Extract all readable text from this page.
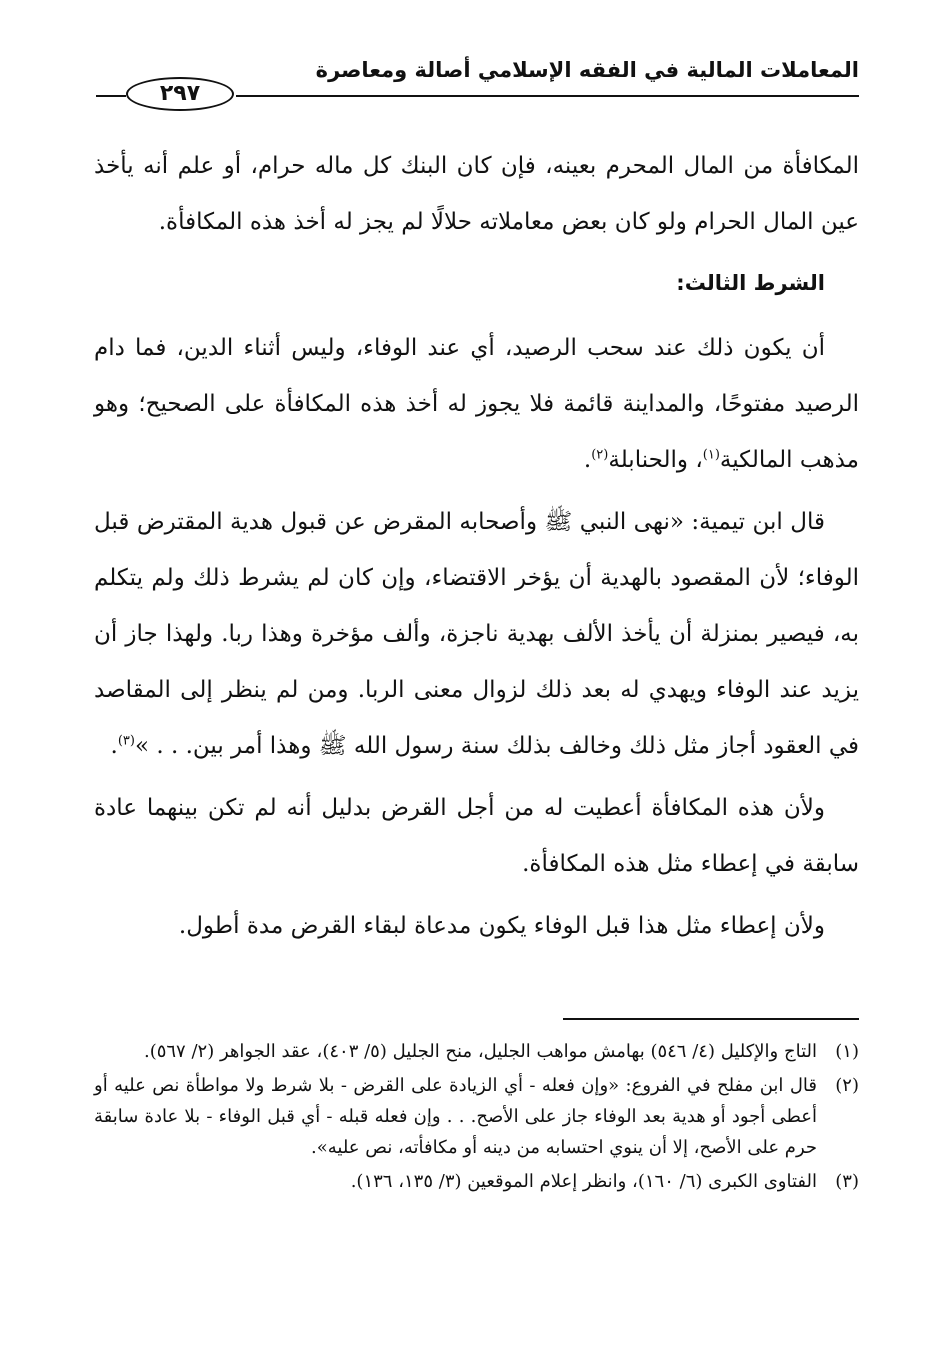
المعاملات المالية في الفقه الإسلامي أصالة ومعاصرة
٢٩٧

المكافأة من المال المحرم بعينه، فإن كان البنك كل ماله حرام، أو علم أنه يأخذ عين المال الحرام ولو كان بعض معاملاته حلالًا لم يجز له أخذ هذه المكافأة.

الشرط الثالث:

أن يكون ذلك عند سحب الرصيد، أي عند الوفاء، وليس أثناء الدين، فما دام الرصيد مفتوحًا، والمداينة قائمة فلا يجوز له أخذ هذه المكافأة على الصحيح؛ وهو مذهب المالكية$^{(١)}$، والحنابلة$^{(٢)}$.

قال ابن تيمية: «نهى النبي ﷺ وأصحابه المقرض عن قبول هدية المقترض قبل الوفاء؛ لأن المقصود بالهدية أن يؤخر الاقتضاء، وإن كان لم يشرط ذلك ولم يتكلم به، فيصير بمنزلة أن يأخذ الألف بهدية ناجزة، وألف مؤخرة وهذا ربا. ولهذا جاز أن يزيد عند الوفاء ويهدي له بعد ذلك لزوال معنى الربا. ومن لم ينظر إلى المقاصد في العقود أجاز مثل ذلك وخالف بذلك سنة رسول الله ﷺ وهذا أمر بين. . . »$^{(٣)}$.

ولأن هذه المكافأة أعطيت له من أجل القرض بدليل أنه لم تكن بينهما عادة سابقة في إعطاء مثل هذه المكافأة.

ولأن إعطاء مثل هذا قبل الوفاء يكون مدعاة لبقاء القرض مدة أطول.

(١)
التاج والإكليل (٤/ ٥٤٦) بهامش مواهب الجليل، منح الجليل (٥/ ٤٠٣)، عقد الجواهر (٢/ ٥٦٧).
(٢)
قال ابن مفلح في الفروع: «وإن فعله - أي الزيادة على القرض - بلا شرط ولا مواطأة نص عليه أو أعطى أجود أو هدية بعد الوفاء جاز على الأصح. . . وإن فعله قبله - أي قبل الوفاء - بلا عادة سابقة حرم على الأصح، إلا أن ينوي احتسابه من دينه أو مكافأته، نص عليه».
(٣)
الفتاوى الكبرى (٦/ ١٦٠)، وانظر إعلام الموقعين (٣/ ١٣٥، ١٣٦).
